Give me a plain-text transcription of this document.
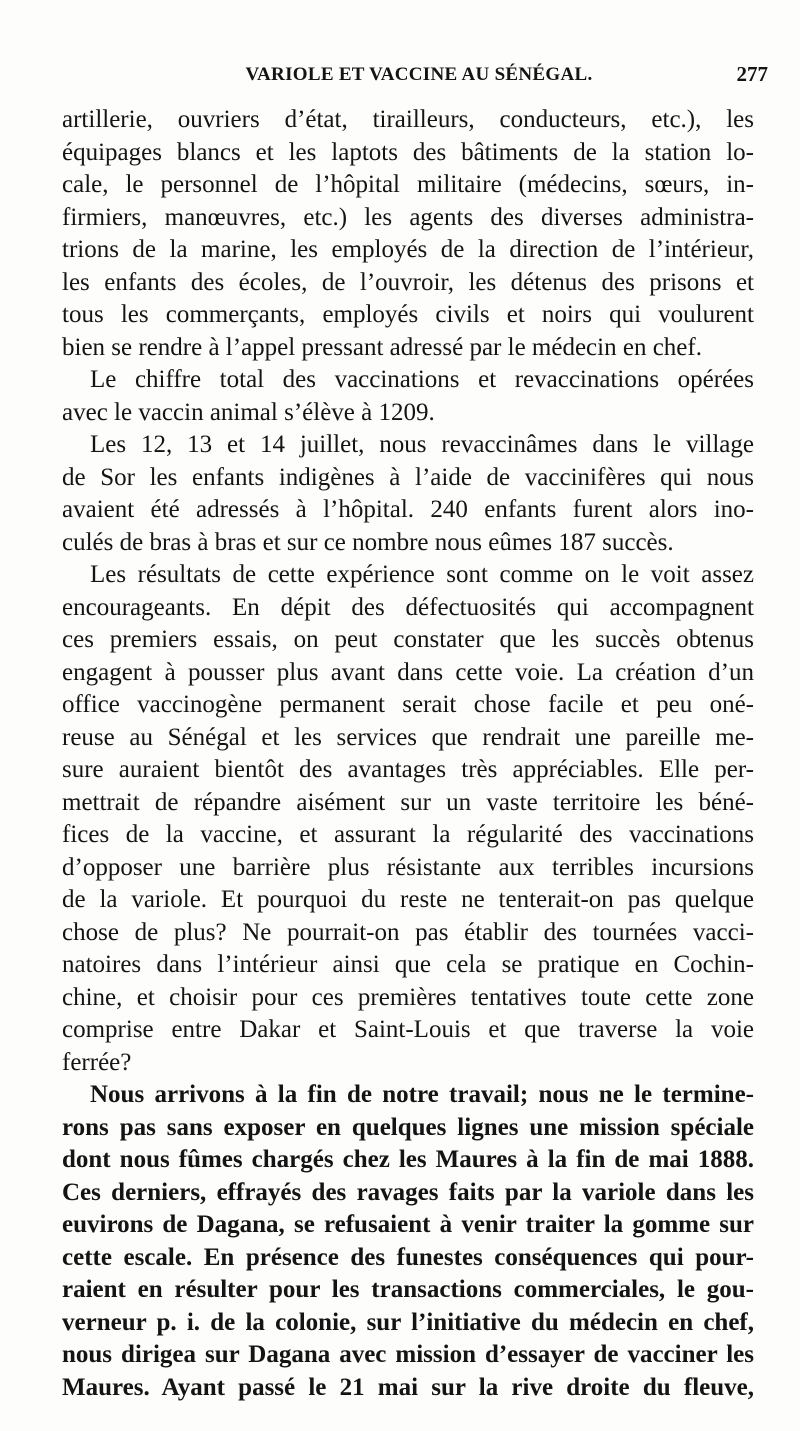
VARIOLE ET VACCINE AU SÉNÉGAL.	277
artillerie, ouvriers d’état, tirailleurs, conducteurs, etc.), les
équipages blancs et les laptots des bâtiments de la station lo-
cale, le personnel de l’hôpital militaire (médecins, sœurs, in-
firmiers, manœuvres, etc.) les agents des diverses administra-
trions de la marine, les employés de la direction de l’intérieur,
les enfants des écoles, de l’ouvroir, les détenus des prisons et
tous les commerçants, employés civils et noirs qui voulurent
bien se rendre à l’appel pressant adressé par le médecin en chef.
Le chiffre total des vaccinations et revaccinations opérées
avec le vaccin animal s’élève à 1209.
Les 12, 13 et 14 juillet, nous revaccinâmes dans le village
de Sor les enfants indigènes à l’aide de vaccinifères qui nous
avaient été adressés à l’hôpital. 240 enfants furent alors ino-
culés de bras à bras et sur ce nombre nous eûmes 187 succès.
Les résultats de cette expérience sont comme on le voit assez
encourageants. En dépit des défectuosités qui accompagnent
ces premiers essais, on peut constater que les succès obtenus
engagent à pousser plus avant dans cette voie. La création d’un
office vaccinogène permanent serait chose facile et peu oné-
reuse au Sénégal et les services que rendrait une pareille me-
sure auraient bientôt des avantages très appréciables. Elle per-
mettrait de répandre aisément sur un vaste territoire les béné-
fices de la vaccine, et assurant la régularité des vaccinations
d’opposer une barrière plus résistante aux terribles incursions
de la variole. Et pourquoi du reste ne tenterait-on pas quelque
chose de plus? Ne pourrait-on pas établir des tournées vacci-
natoires dans l’intérieur ainsi que cela se pratique en Cochin-
chine, et choisir pour ces premières tentatives toute cette zone
comprise entre Dakar et Saint-Louis et que traverse la voie
ferrée?
Nous arrivons à la fin de notre travail; nous ne le termine-
rons pas sans exposer en quelques lignes une mission spéciale
dont nous fûmes chargés chez les Maures à la fin de mai 1888.
Ces derniers, effrayés des ravages faits par la variole dans les
euvirons de Dagana, se refusaient à venir traiter la gomme sur
cette escale. En présence des funestes conséquences qui pour-
raient en résulter pour les transactions commerciales, le gou-
verneur p. i. de la colonie, sur l’initiative du médecin en chef,
nous dirigea sur Dagana avec mission d’essayer de vacciner les
Maures. Ayant passé le 21 mai sur la rive droite du fleuve,
